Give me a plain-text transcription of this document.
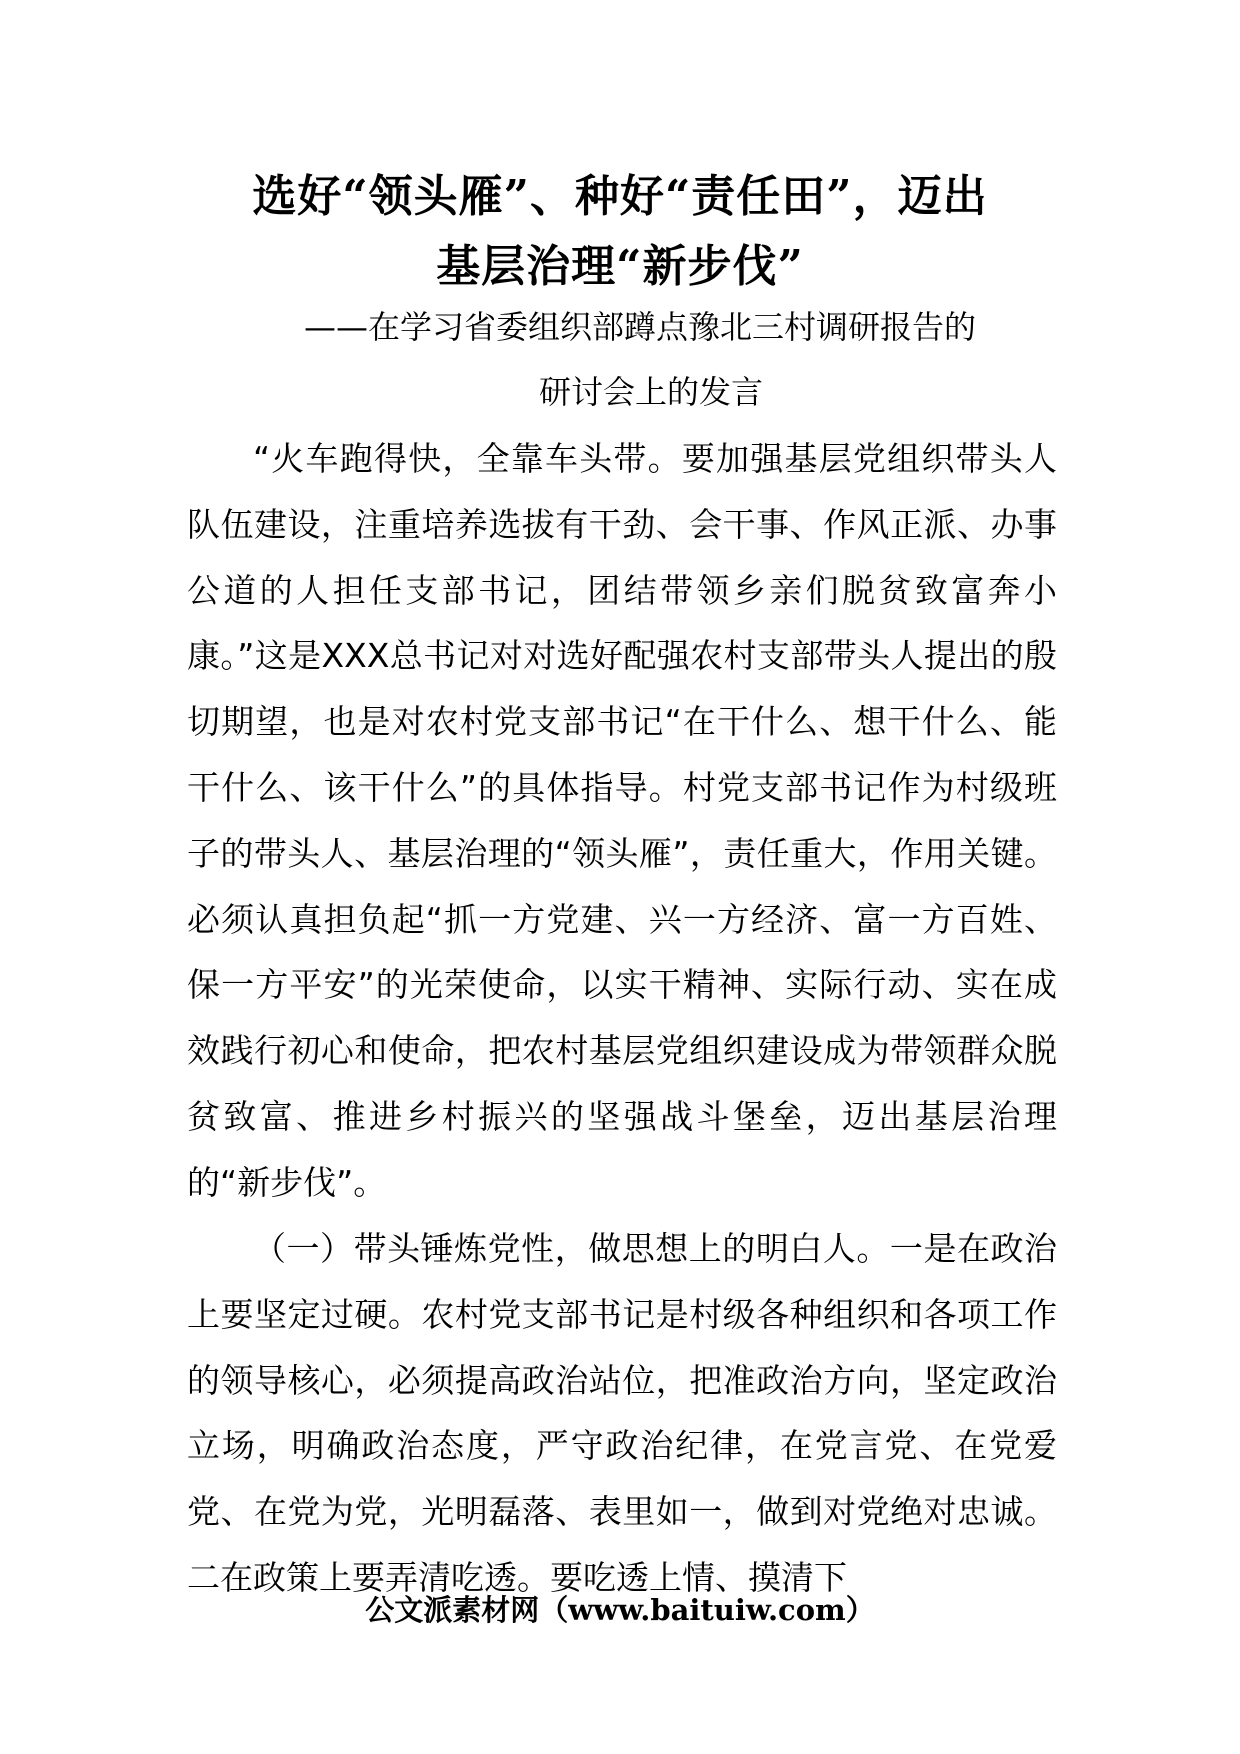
选好“领头雁”、种好“责任田”，迈出
基层治理“新步伐”
——在学习省委组织部蹲点豫北三村调研报告的
研讨会上的发言

“火车跑得快，全靠车头带。要加强基层党组织带头人队伍建设，注重培养选拔有干劲、会干事、作风正派、办事公道的人担任支部书记，团结带领乡亲们脱贫致富奔小康。”这是XXX总书记对对选好配强农村支部带头人提出的殷切期望，也是对农村党支部书记“在干什么、想干什么、能干什么、该干什么”的具体指导。村党支部书记作为村级班子的带头人、基层治理的“领头雁”，责任重大，作用关键。必须认真担负起“抓一方党建、兴一方经济、富一方百姓、保一方平安”的光荣使命，以实干精神、实际行动、实在成效践行初心和使命，把农村基层党组织建设成为带领群众脱贫致富、推进乡村振兴的坚强战斗堡垒，迈出基层治理的“新步伐”。

（一）带头锤炼党性，做思想上的明白人。一是在政治上要坚定过硬。农村党支部书记是村级各种组织和各项工作的领导核心，必须提高政治站位，把准政治方向，坚定政治立场，明确政治态度，严守政治纪律，在党言党、在党爱党、在党为党，光明磊落、表里如一，做到对党绝对忠诚。二在政策上要弄清吃透。要吃透上情、摸清下

公文派素材网（www.baituiw.com）
